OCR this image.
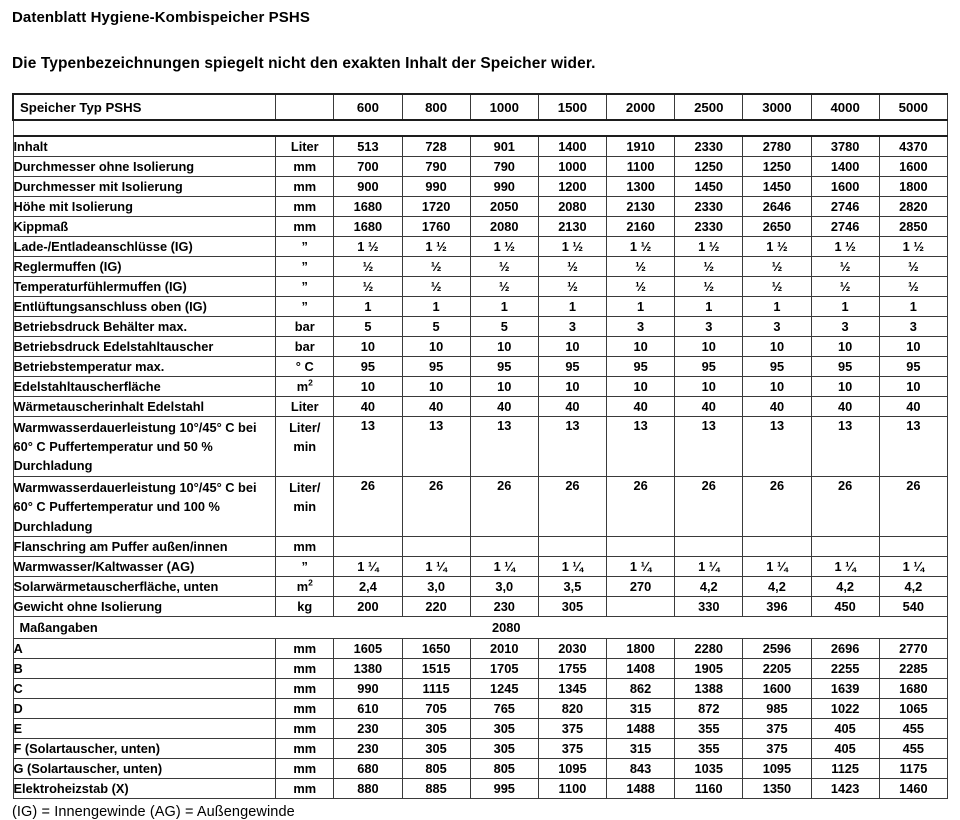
Datenblatt Hygiene-Kombispeicher PSHS
Die Typenbezeichnungen spiegelt nicht den exakten Inhalt der Speicher wider.
Speicher Typ PSHS		600	800	1000	1500	2000	2500	3000	4000	5000

Inhalt	Liter	513	728	901	1400	1910	2330	2780	3780	4370
Durchmesser ohne Isolierung	mm	700	790	790	1000	1100	1250	1250	1400	1600
Durchmesser mit Isolierung	mm	900	990	990	1200	1300	1450	1450	1600	1800
Höhe mit Isolierung	mm	1680	1720	2050	2080	2130	2330	2646	2746	2820
Kippmaß	mm	1680	1760	2080	2130	2160	2330	2650	2746	2850
Lade-/Entladeanschlüsse (IG)	”	1 ½	1 ½	1 ½	1 ½	1 ½	1 ½	1 ½	1 ½	1 ½
Reglermuffen (IG)	”	½	½	½	½	½	½	½	½	½
Temperaturfühlermuffen (IG)	”	½	½	½	½	½	½	½	½	½
Entlüftungsanschluss oben (IG)	”	1	1	1	1	1	1	1	1	1
Betriebsdruck Behälter max.	bar	5	5	5	3	3	3	3	3	3
Betriebsdruck Edelstahltauscher	bar	10	10	10	10	10	10	10	10	10
Betriebstemperatur max.	° C	95	95	95	95	95	95	95	95	95
Edelstahltauscherfläche	$m^2$	10	10	10	10	10	10	10	10	10
Wärmetauscherinhalt Edelstahl	Liter	40	40	40	40	40	40	40	40	40
Warmwasserdauerleistung 10°/45° C bei 60° C Puffertemperatur und 50 % Durchladung	Liter/
min	13	13	13	13	13	13	13	13	13
Warmwasserdauerleistung 10°/45° C bei 60° C Puffertemperatur und 100 % Durchladung	Liter/
min	26	26	26	26	26	26	26	26	26
Flanschring am Puffer außen/innen	mm									
Warmwasser/Kaltwasser (AG)	”	1 ¼	1 ¼	1 ¼	1 ¼	1 ¼	1 ¼	1 ¼	1 ¼	1 ¼
Solarwärmetauscherfläche, unten	$m^2$	2,4	3,0	3,0	3,5	270	4,2	4,2	4,2	4,2
Gewicht ohne Isolierung	kg	200	220	230	305		330	396	450	540
Maßangaben 2080										

A	mm	1605	1650	2010	2030	1800	2280	2596	2696	2770
B	mm	1380	1515	1705	1755	1408	1905	2205	2255	2285
C	mm	990	1115	1245	1345	862	1388	1600	1639	1680
D	mm	610	705	765	820	315	872	985	1022	1065
E	mm	230	305	305	375	1488	355	375	405	455
F (Solartauscher, unten)	mm	230	305	305	375	315	355	375	405	455
G (Solartauscher, unten)	mm	680	805	805	1095	843	1035	1095	1125	1175
Elektroheizstab (X)	mm	880	885	995	1100	1488	1160	1350	1423	1460
(IG) = Innengewinde (AG) = Außengewinde
